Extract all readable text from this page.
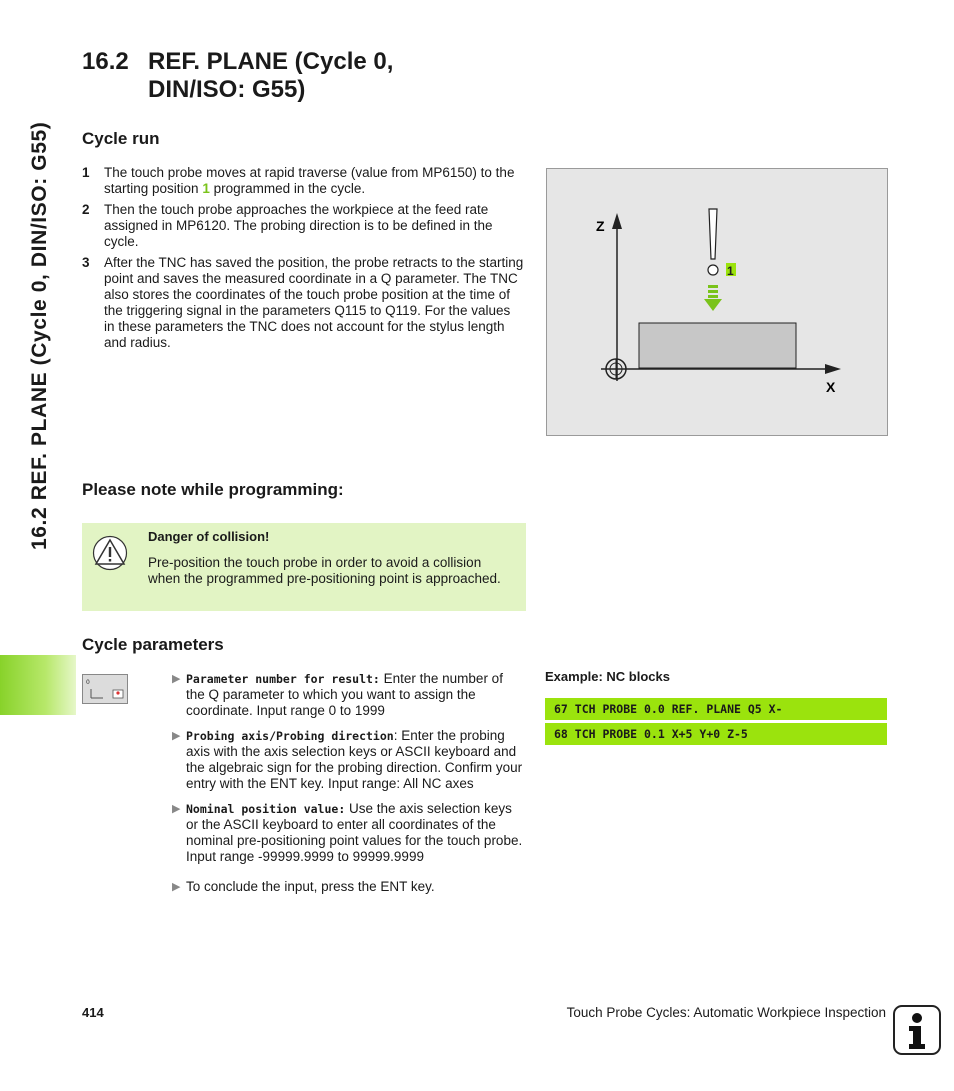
16.2 REF. PLANE (Cycle 0, DIN/ISO: G55)
16.2 REF. PLANE (Cycle 0,
DIN/ISO: G55)
Cycle run
1	The touch probe moves at rapid traverse (value from MP6150) to the starting position 1 programmed in the cycle.
2	Then the touch probe approaches the workpiece at the feed rate assigned in MP6120. The probing direction is to be defined in the cycle.
3	After the TNC has saved the position, the probe retracts to the starting point and saves the measured coordinate in a Q parameter. The TNC also stores the coordinates of the touch probe position at the time of the triggering signal in the parameters Q115 to Q119. For the values in these parameters the TNC does not account for the stylus length and radius.
Z
X
1
Please note while programming:
Danger of collision!
Pre-position the touch probe in order to avoid a collision when the programmed pre-positioning point is approached.
Cycle parameters
0	▶ Parameter number for result: Enter the number of the Q parameter to which you want to assign the coordinate. Input range 0 to 1999
▶ Probing axis/Probing direction: Enter the probing axis with the axis selection keys or ASCII keyboard and the algebraic sign for the probing direction. Confirm your entry with the ENT key. Input range: All NC axes
▶ Nominal position value: Use the axis selection keys or the ASCII keyboard to enter all coordinates of the nominal pre-positioning point values for the touch probe. Input range -99999.9999 to 99999.9999
▶ To conclude the input, press the ENT key.
Example: NC blocks
67 TCH PROBE 0.0 REF. PLANE Q5 X-
68 TCH PROBE 0.1 X+5 Y+0 Z-5
414	Touch Probe Cycles: Automatic Workpiece Inspection
